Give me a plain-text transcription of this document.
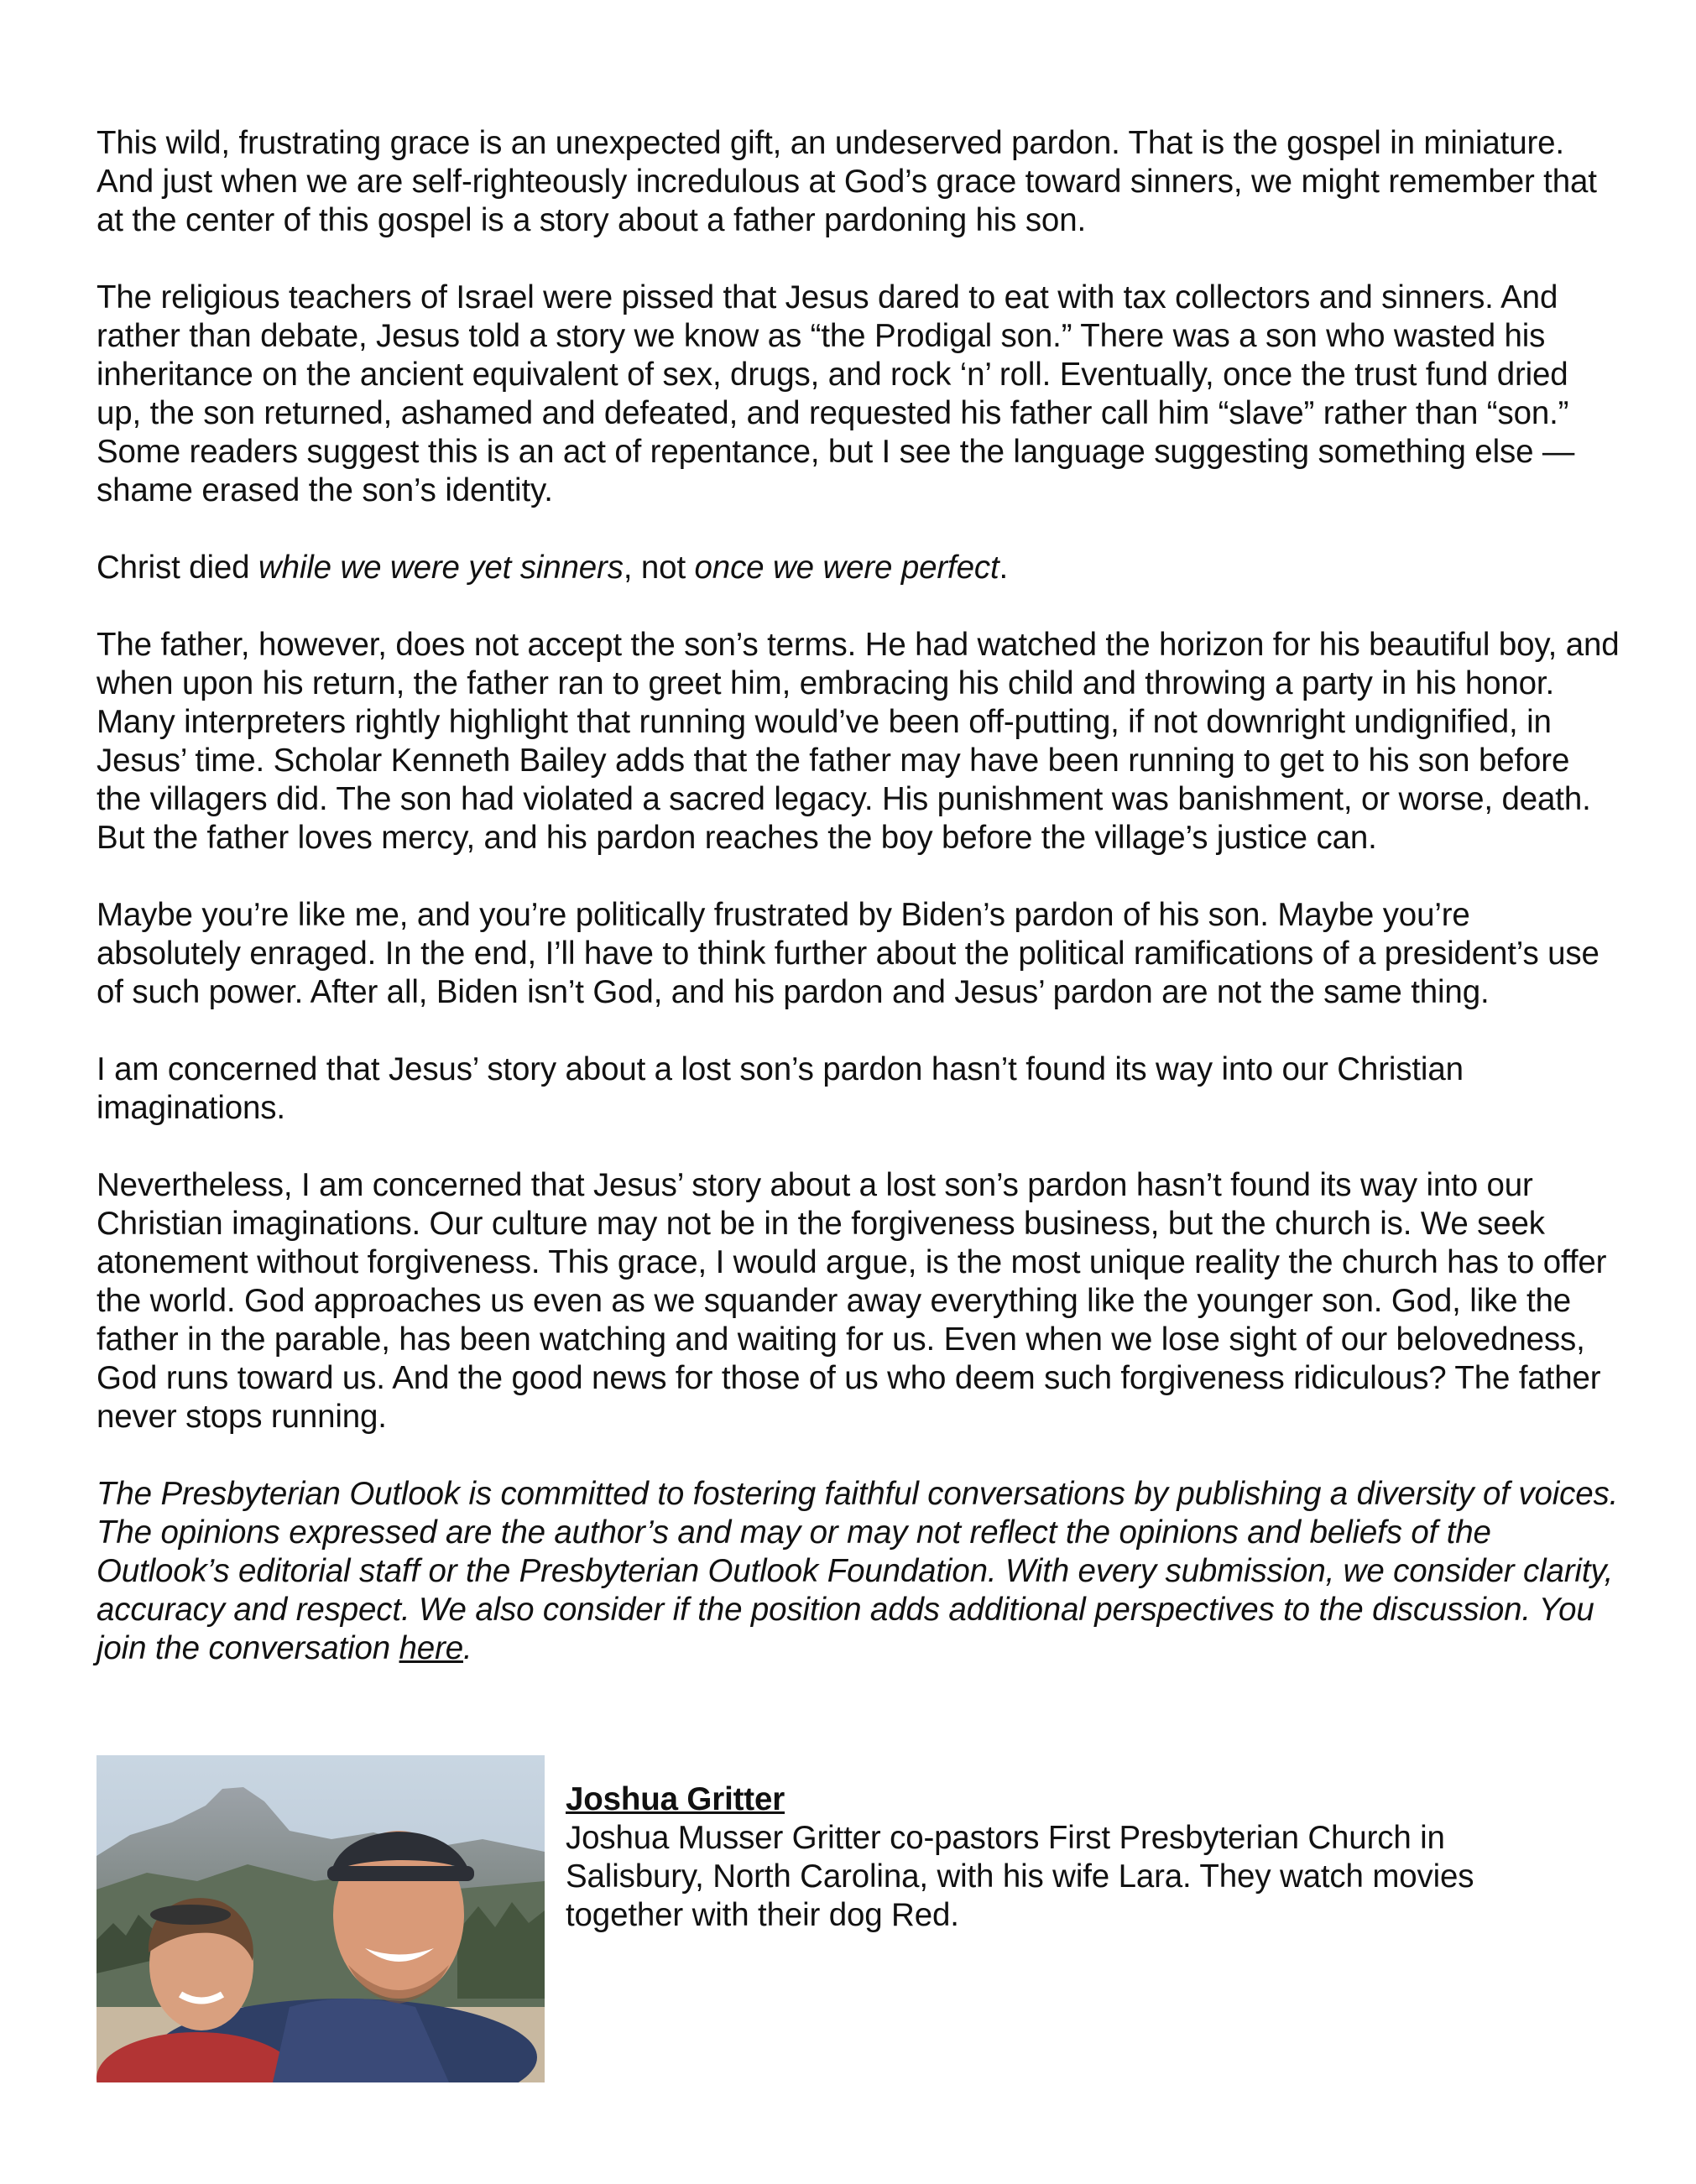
This wild, frustrating grace is an unexpected gift, an undeserved pardon. That is the gospel in miniature. And just when we are self-righteously incredulous at God’s grace toward sinners, we might remember that at the center of this gospel is a story about a father pardoning his son.

The religious teachers of Israel were pissed that Jesus dared to eat with tax collectors and sinners. And rather than debate, Jesus told a story we know as “the Prodigal son.” There was a son who wasted his inheritance on the ancient equivalent of sex, drugs, and rock ‘n’ roll. Eventually, once the trust fund dried up, the son returned, ashamed and defeated, and requested his father call him “slave” rather than “son.” Some readers suggest this is an act of repentance, but I see the language suggesting something else — shame erased the son’s identity.

Christ died while we were yet sinners, not once we were perfect.

The father, however, does not accept the son’s terms. He had watched the horizon for his beautiful boy, and when upon his return, the father ran to greet him, embracing his child and throwing a party in his honor. Many interpreters rightly highlight that running would’ve been off-putting, if not downright undignified, in Jesus’ time. Scholar Kenneth Bailey adds that the father may have been running to get to his son before the villagers did. The son had violated a sacred legacy. His punishment was banishment, or worse, death. But the father loves mercy, and his pardon reaches the boy before the village’s justice can.

Maybe you’re like me, and you’re politically frustrated by Biden’s pardon of his son. Maybe you’re absolutely enraged. In the end, I’ll have to think further about the political ramifications of a president’s use of such power. After all, Biden isn’t God, and his pardon and Jesus’ pardon are not the same thing.

I am concerned that Jesus’ story about a lost son’s pardon hasn’t found its way into our Christian imaginations.

Nevertheless, I am concerned that Jesus’ story about a lost son’s pardon hasn’t found its way into our Christian imaginations. Our culture may not be in the forgiveness business, but the church is. We seek atonement without forgiveness. This grace, I would argue, is the most unique reality the church has to offer the world. God approaches us even as we squander away everything like the younger son. God, like the father in the parable, has been watching and waiting for us. Even when we lose sight of our belovedness, God runs toward us. And the good news for those of us who deem such forgiveness ridiculous? The father never stops running.

The Presbyterian Outlook is committed to fostering faithful conversations by publishing a diversity of voices. The opinions expressed are the author’s and may or may not reflect the opinions and beliefs of the Outlook’s editorial staff or the Presbyterian Outlook Foundation. With every submission, we consider clarity, accuracy and respect. We also consider if the position adds additional perspectives to the discussion. You join the conversation here.

Joshua Gritter

Joshua Musser Gritter co-pastors First Presbyterian Church in Salisbury, North Carolina, with his wife Lara. They watch movies together with their dog Red.
